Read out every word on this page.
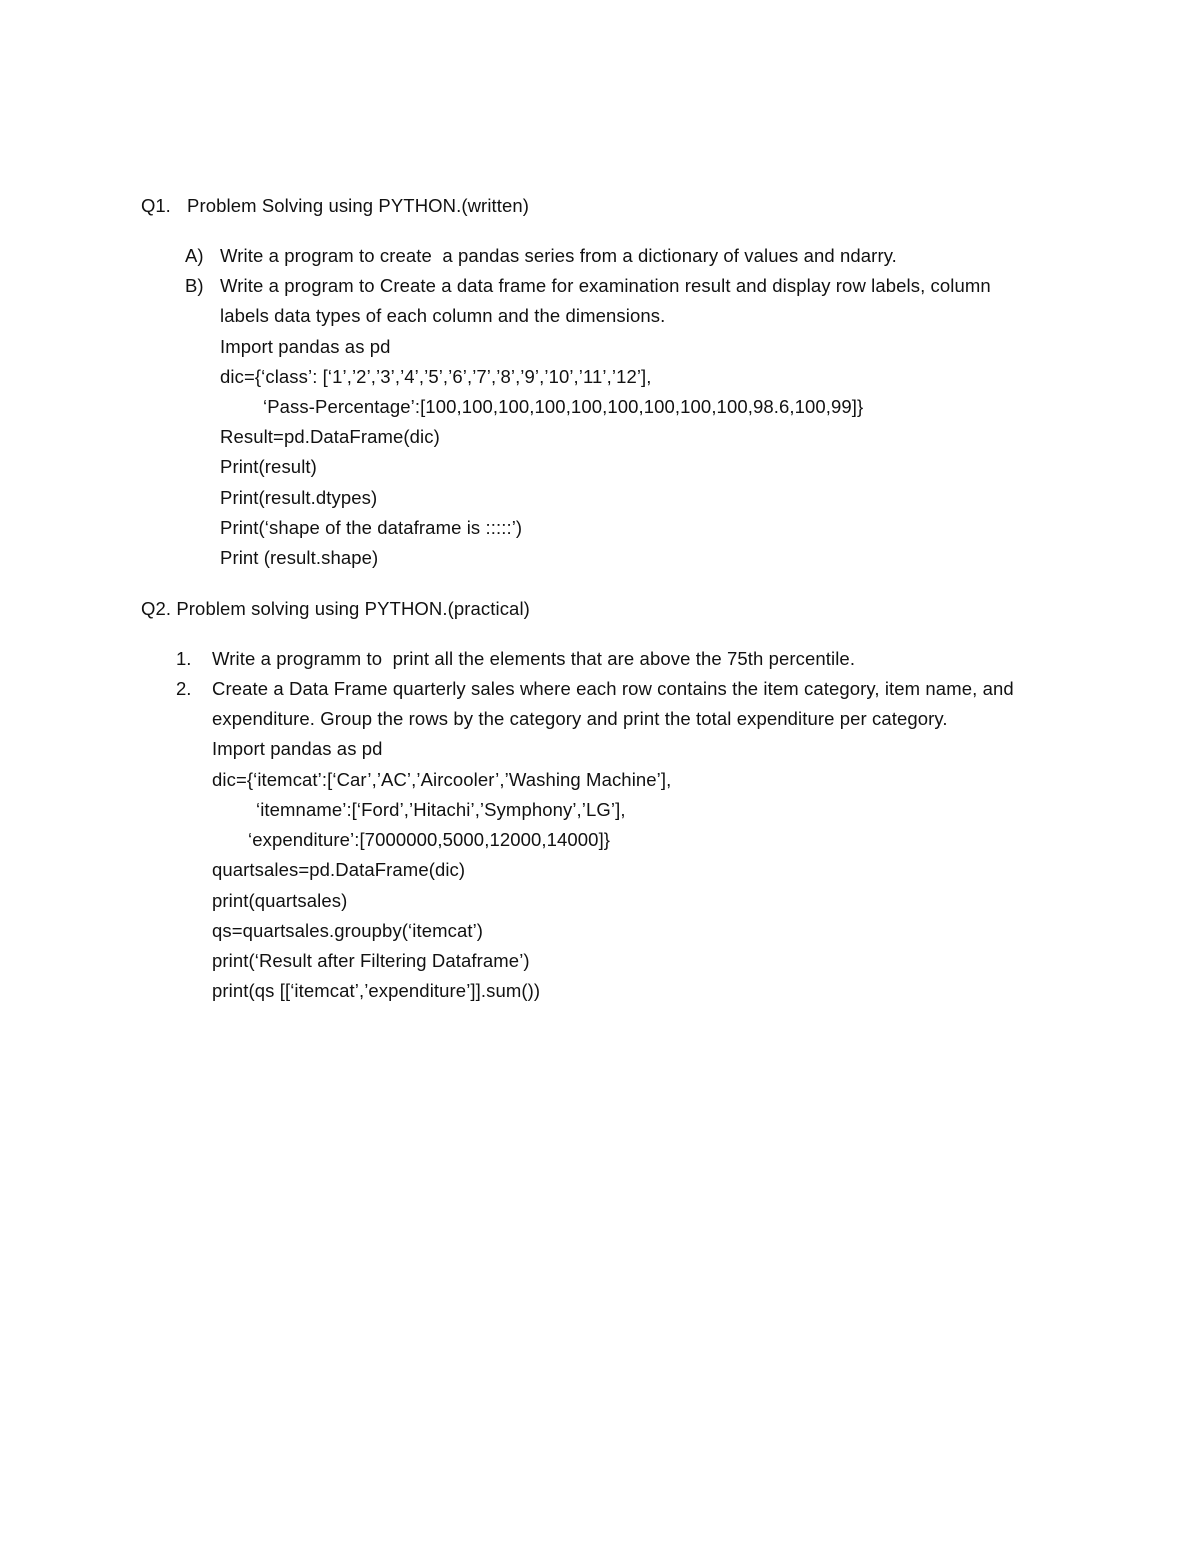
Q1. Problem Solving using PYTHON.(written)
A) Write a program to create  a pandas series from a dictionary of values and ndarry.
B) Write a program to Create a data frame for examination result and display row labels, column
labels data types of each column and the dimensions.
Import pandas as pd
dic={‘class’: [‘1’,’2’,’3’,’4’,’5’,’6’,’7’,’8’,’9’,’10’,’11’,’12’],
‘Pass-Percentage’:[100,100,100,100,100,100,100,100,100,98.6,100,99]}
Result=pd.DataFrame(dic)
Print(result)
Print(result.dtypes)
Print(‘shape of the dataframe is :::::’)
Print (result.shape)
Q2. Problem solving using PYTHON.(practical)
1. Write a programm to  print all the elements that are above the 75th percentile.
2. Create a Data Frame quarterly sales where each row contains the item category, item name, and
expenditure. Group the rows by the category and print the total expenditure per category.
Import pandas as pd
dic={‘itemcat’:[‘Car’,’AC’,’Aircooler’,’Washing Machine’],
‘itemname’:[‘Ford’,’Hitachi’,’Symphony’,’LG’],
‘expenditure’:[7000000,5000,12000,14000]}
quartsales=pd.DataFrame(dic)
print(quartsales)
qs=quartsales.groupby(‘itemcat’)
print(‘Result after Filtering Dataframe’)
print(qs [[‘itemcat’,’expenditure’]].sum())
